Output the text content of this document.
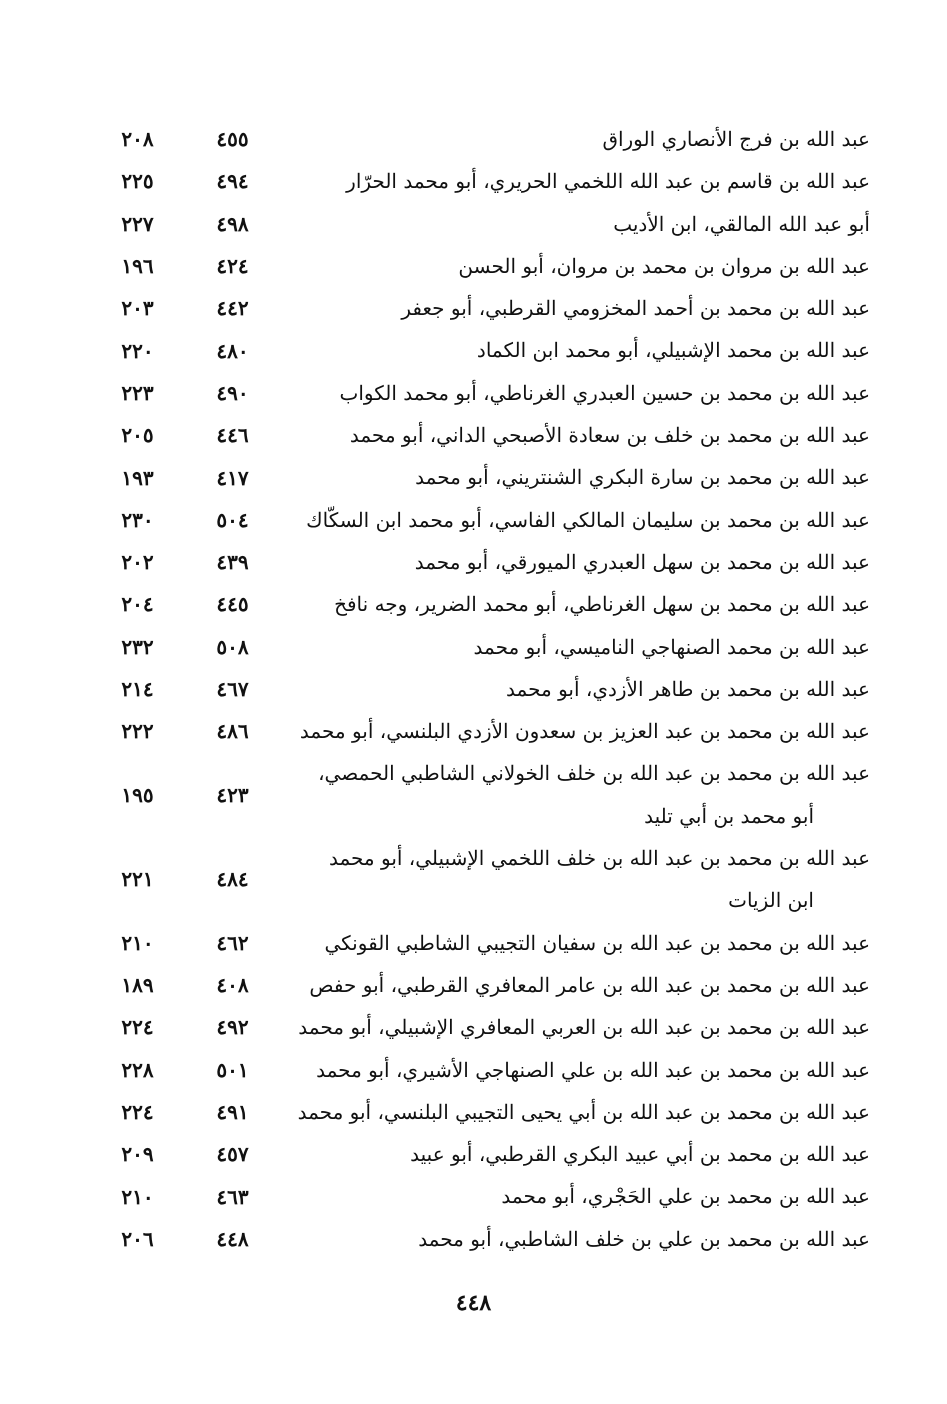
عبد الله بن فرج الأنصاري الوراق
٤٥٥
٢٠٨
عبد الله بن قاسم بن عبد الله اللخمي الحريري، أبو محمد الحرّار
٤٩٤
٢٢٥
أبو عبد الله المالقي، ابن الأديب
٤٩٨
٢٢٧
عبد الله بن مروان بن محمد بن مروان، أبو الحسن
٤٢٤
١٩٦
عبد الله بن محمد بن أحمد المخزومي القرطبي، أبو جعفر
٤٤٢
٢٠٣
عبد الله بن محمد الإشبيلي، أبو محمد ابن الكماد
٤٨٠
٢٢٠
عبد الله بن محمد بن حسين العبدري الغرناطي، أبو محمد الكواب
٤٩٠
٢٢٣
عبد الله بن محمد بن خلف بن سعادة الأصبحي الداني، أبو محمد
٤٤٦
٢٠٥
عبد الله بن محمد بن سارة البكري الشنتريني، أبو محمد
٤١٧
١٩٣
عبد الله بن محمد بن سليمان المالكي الفاسي، أبو محمد ابن السكّاك
٥٠٤
٢٣٠
عبد الله بن محمد بن سهل العبدري الميورقي، أبو محمد
٤٣٩
٢٠٢
عبد الله بن محمد بن سهل الغرناطي، أبو محمد الضرير، وجه نافخ
٤٤٥
٢٠٤
عبد الله بن محمد الصنهاجي الناميسي، أبو محمد
٥٠٨
٢٣٢
عبد الله بن محمد بن طاهر الأزدي، أبو محمد
٤٦٧
٢١٤
عبد الله بن محمد بن عبد العزيز بن سعدون الأزدي البلنسي، أبو محمد
٤٨٦
٢٢٢
عبد الله بن محمد بن عبد الله بن خلف الخولاني الشاطبي الحمصي،
أبو محمد بن أبي تليد
٤٢٣
١٩٥
عبد الله بن محمد بن عبد الله بن خلف اللخمي الإشبيلي، أبو محمد
ابن الزيات
٤٨٤
٢٢١
عبد الله بن محمد بن عبد الله بن سفيان التجيبي الشاطبي القونكي
٤٦٢
٢١٠
عبد الله بن محمد بن عبد الله بن عامر المعافري القرطبي، أبو حفص
٤٠٨
١٨٩
عبد الله بن محمد بن عبد الله بن العربي المعافري الإشبيلي، أبو محمد
٤٩٢
٢٢٤
عبد الله بن محمد بن عبد الله بن علي الصنهاجي الأشيري، أبو محمد
٥٠١
٢٢٨
عبد الله بن محمد بن عبد الله بن أبي يحيى التجيبي البلنسي، أبو محمد
٤٩١
٢٢٤
عبد الله بن محمد بن أبي عبيد البكري القرطبي، أبو عبيد
٤٥٧
٢٠٩
عبد الله بن محمد بن علي الحَجْري، أبو محمد
٤٦٣
٢١٠
عبد الله بن محمد بن علي بن خلف الشاطبي، أبو محمد
٤٤٨
٢٠٦
٤٤٨
